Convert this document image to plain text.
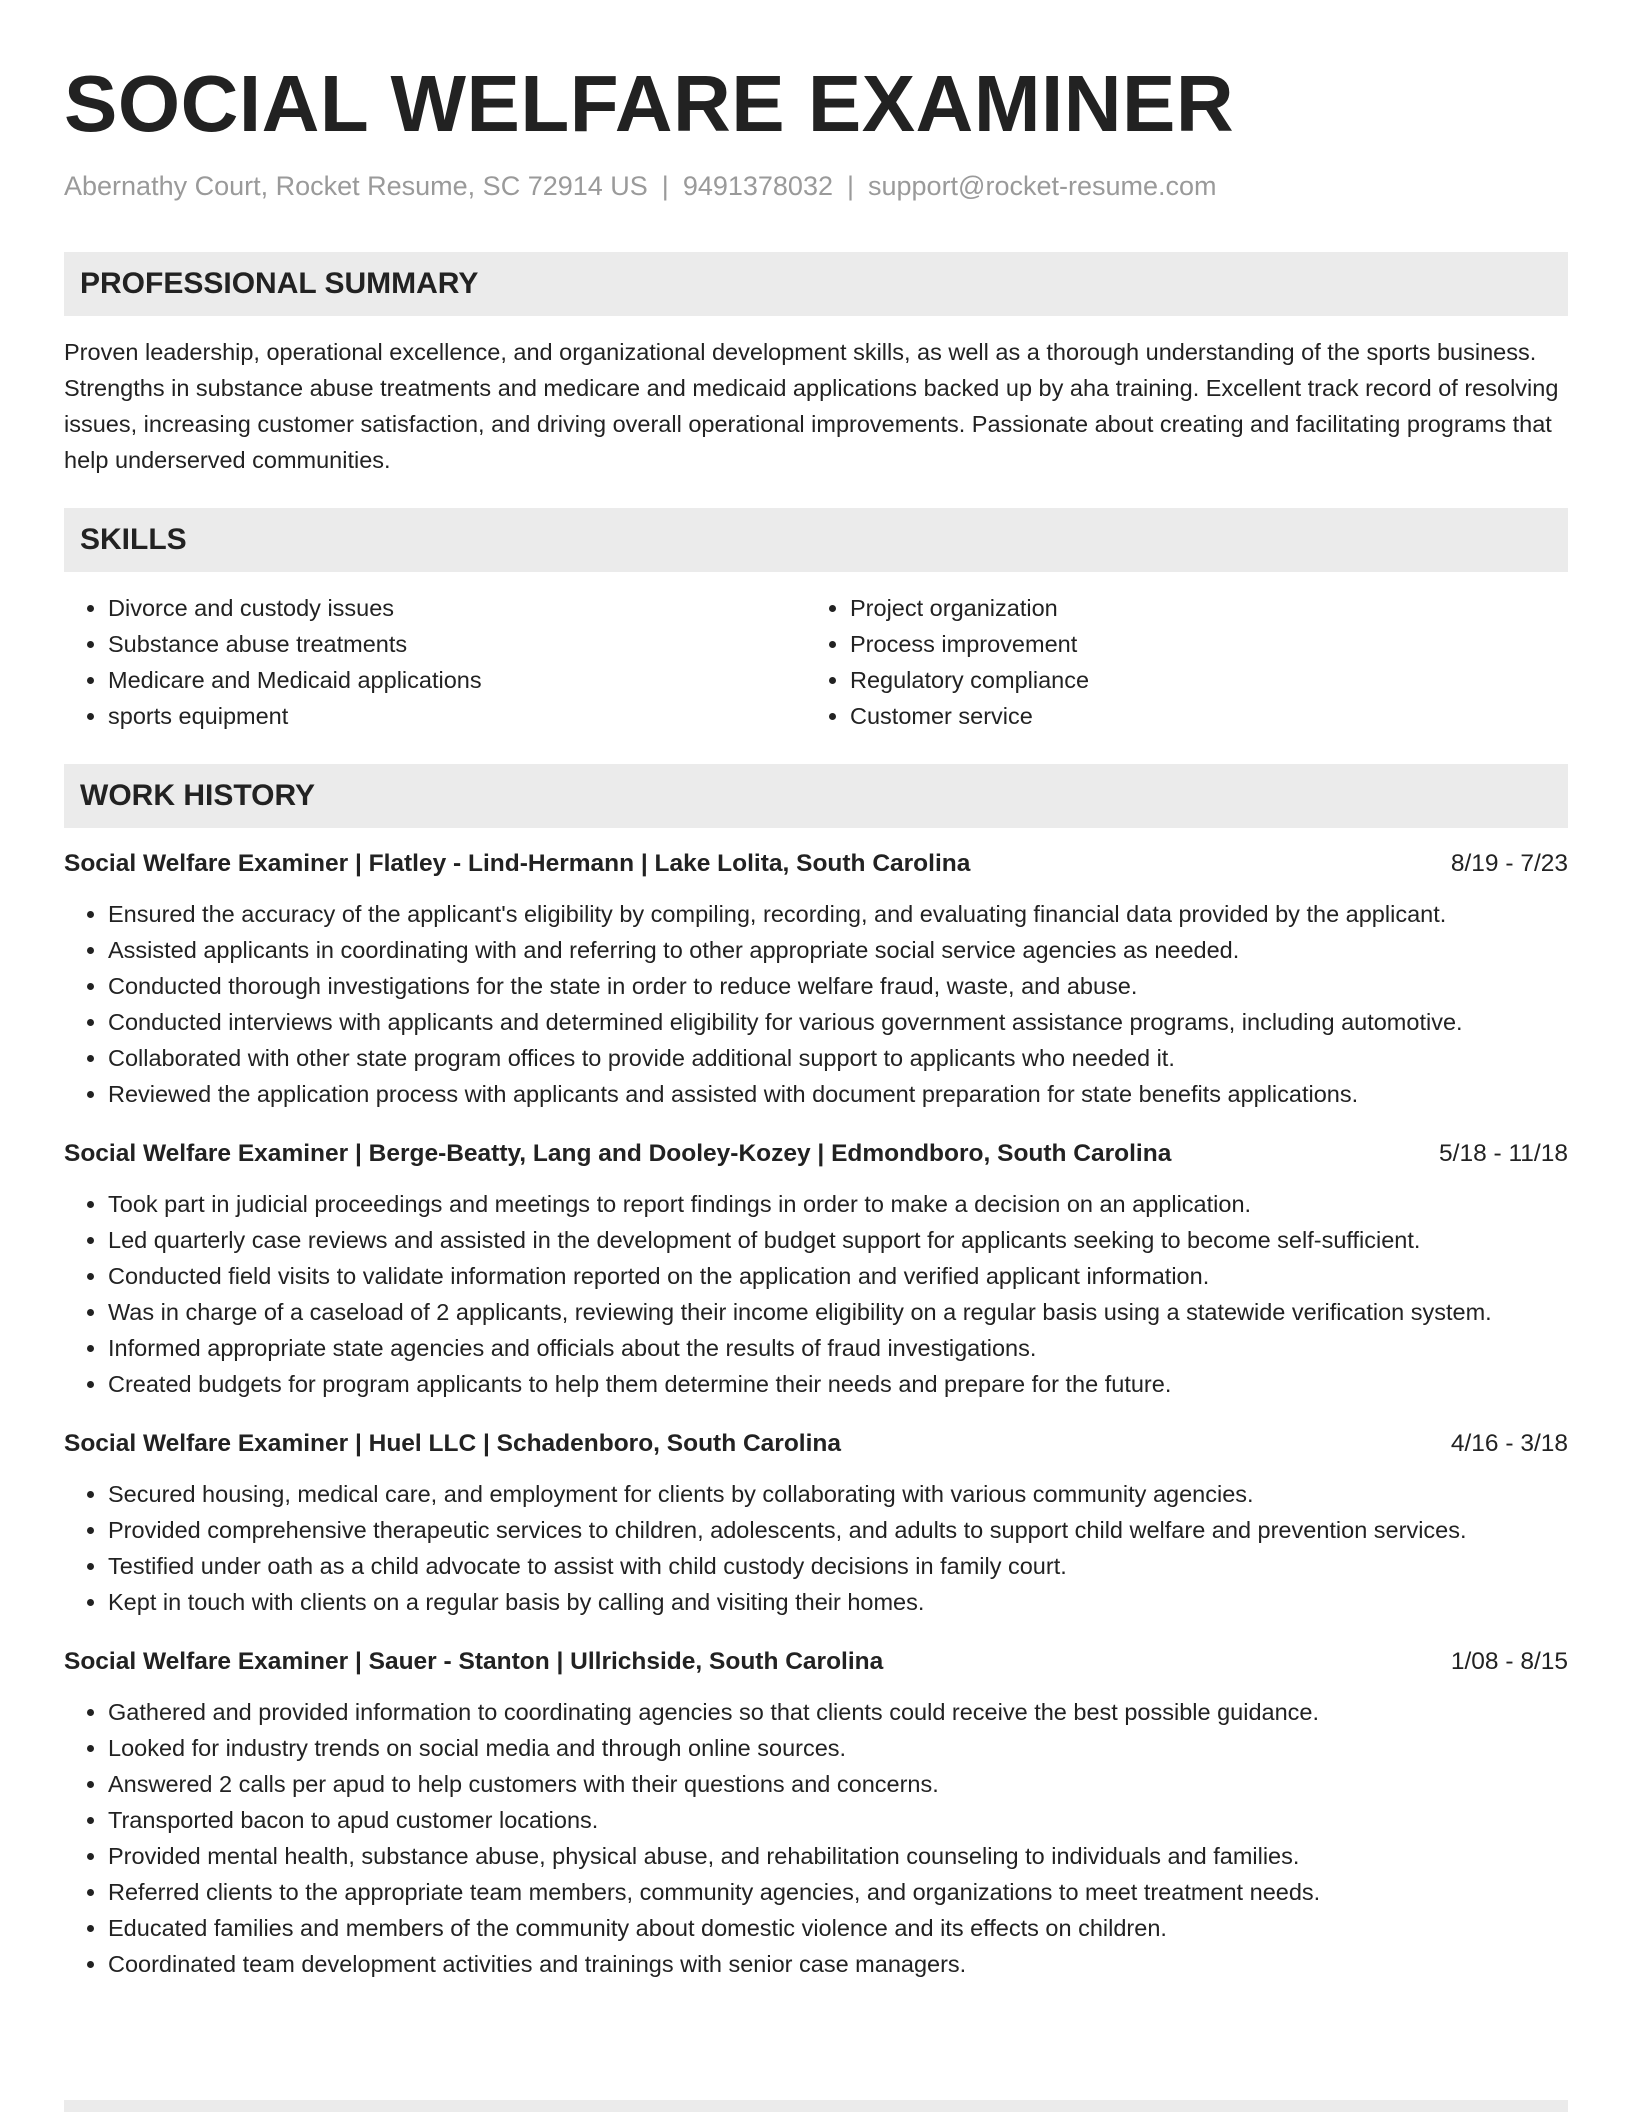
SOCIAL WELFARE EXAMINER
Abernathy Court, Rocket Resume, SC 72914 US | 9491378032 | support@rocket-resume.com
PROFESSIONAL SUMMARY
Proven leadership, operational excellence, and organizational development skills, as well as a thorough understanding of the sports business. Strengths in substance abuse treatments and medicare and medicaid applications backed up by aha training. Excellent track record of resolving issues, increasing customer satisfaction, and driving overall operational improvements. Passionate about creating and facilitating programs that help underserved communities.
SKILLS
• Divorce and custody issues
• Substance abuse treatments
• Medicare and Medicaid applications
• sports equipment
• Project organization
• Process improvement
• Regulatory compliance
• Customer service
WORK HISTORY
Social Welfare Examiner | Flatley - Lind-Hermann | Lake Lolita, South Carolina	8/19 - 7/23
• Ensured the accuracy of the applicant's eligibility by compiling, recording, and evaluating financial data provided by the applicant.
• Assisted applicants in coordinating with and referring to other appropriate social service agencies as needed.
• Conducted thorough investigations for the state in order to reduce welfare fraud, waste, and abuse.
• Conducted interviews with applicants and determined eligibility for various government assistance programs, including automotive.
• Collaborated with other state program offices to provide additional support to applicants who needed it.
• Reviewed the application process with applicants and assisted with document preparation for state benefits applications.
Social Welfare Examiner | Berge-Beatty, Lang and Dooley-Kozey | Edmondboro, South Carolina	5/18 - 11/18
• Took part in judicial proceedings and meetings to report findings in order to make a decision on an application.
• Led quarterly case reviews and assisted in the development of budget support for applicants seeking to become self-sufficient.
• Conducted field visits to validate information reported on the application and verified applicant information.
• Was in charge of a caseload of 2 applicants, reviewing their income eligibility on a regular basis using a statewide verification system.
• Informed appropriate state agencies and officials about the results of fraud investigations.
• Created budgets for program applicants to help them determine their needs and prepare for the future.
Social Welfare Examiner | Huel LLC | Schadenboro, South Carolina	4/16 - 3/18
• Secured housing, medical care, and employment for clients by collaborating with various community agencies.
• Provided comprehensive therapeutic services to children, adolescents, and adults to support child welfare and prevention services.
• Testified under oath as a child advocate to assist with child custody decisions in family court.
• Kept in touch with clients on a regular basis by calling and visiting their homes.
Social Welfare Examiner | Sauer - Stanton | Ullrichside, South Carolina	1/08 - 8/15
• Gathered and provided information to coordinating agencies so that clients could receive the best possible guidance.
• Looked for industry trends on social media and through online sources.
• Answered 2 calls per apud to help customers with their questions and concerns.
• Transported bacon to apud customer locations.
• Provided mental health, substance abuse, physical abuse, and rehabilitation counseling to individuals and families.
• Referred clients to the appropriate team members, community agencies, and organizations to meet treatment needs.
• Educated families and members of the community about domestic violence and its effects on children.
• Coordinated team development activities and trainings with senior case managers.
